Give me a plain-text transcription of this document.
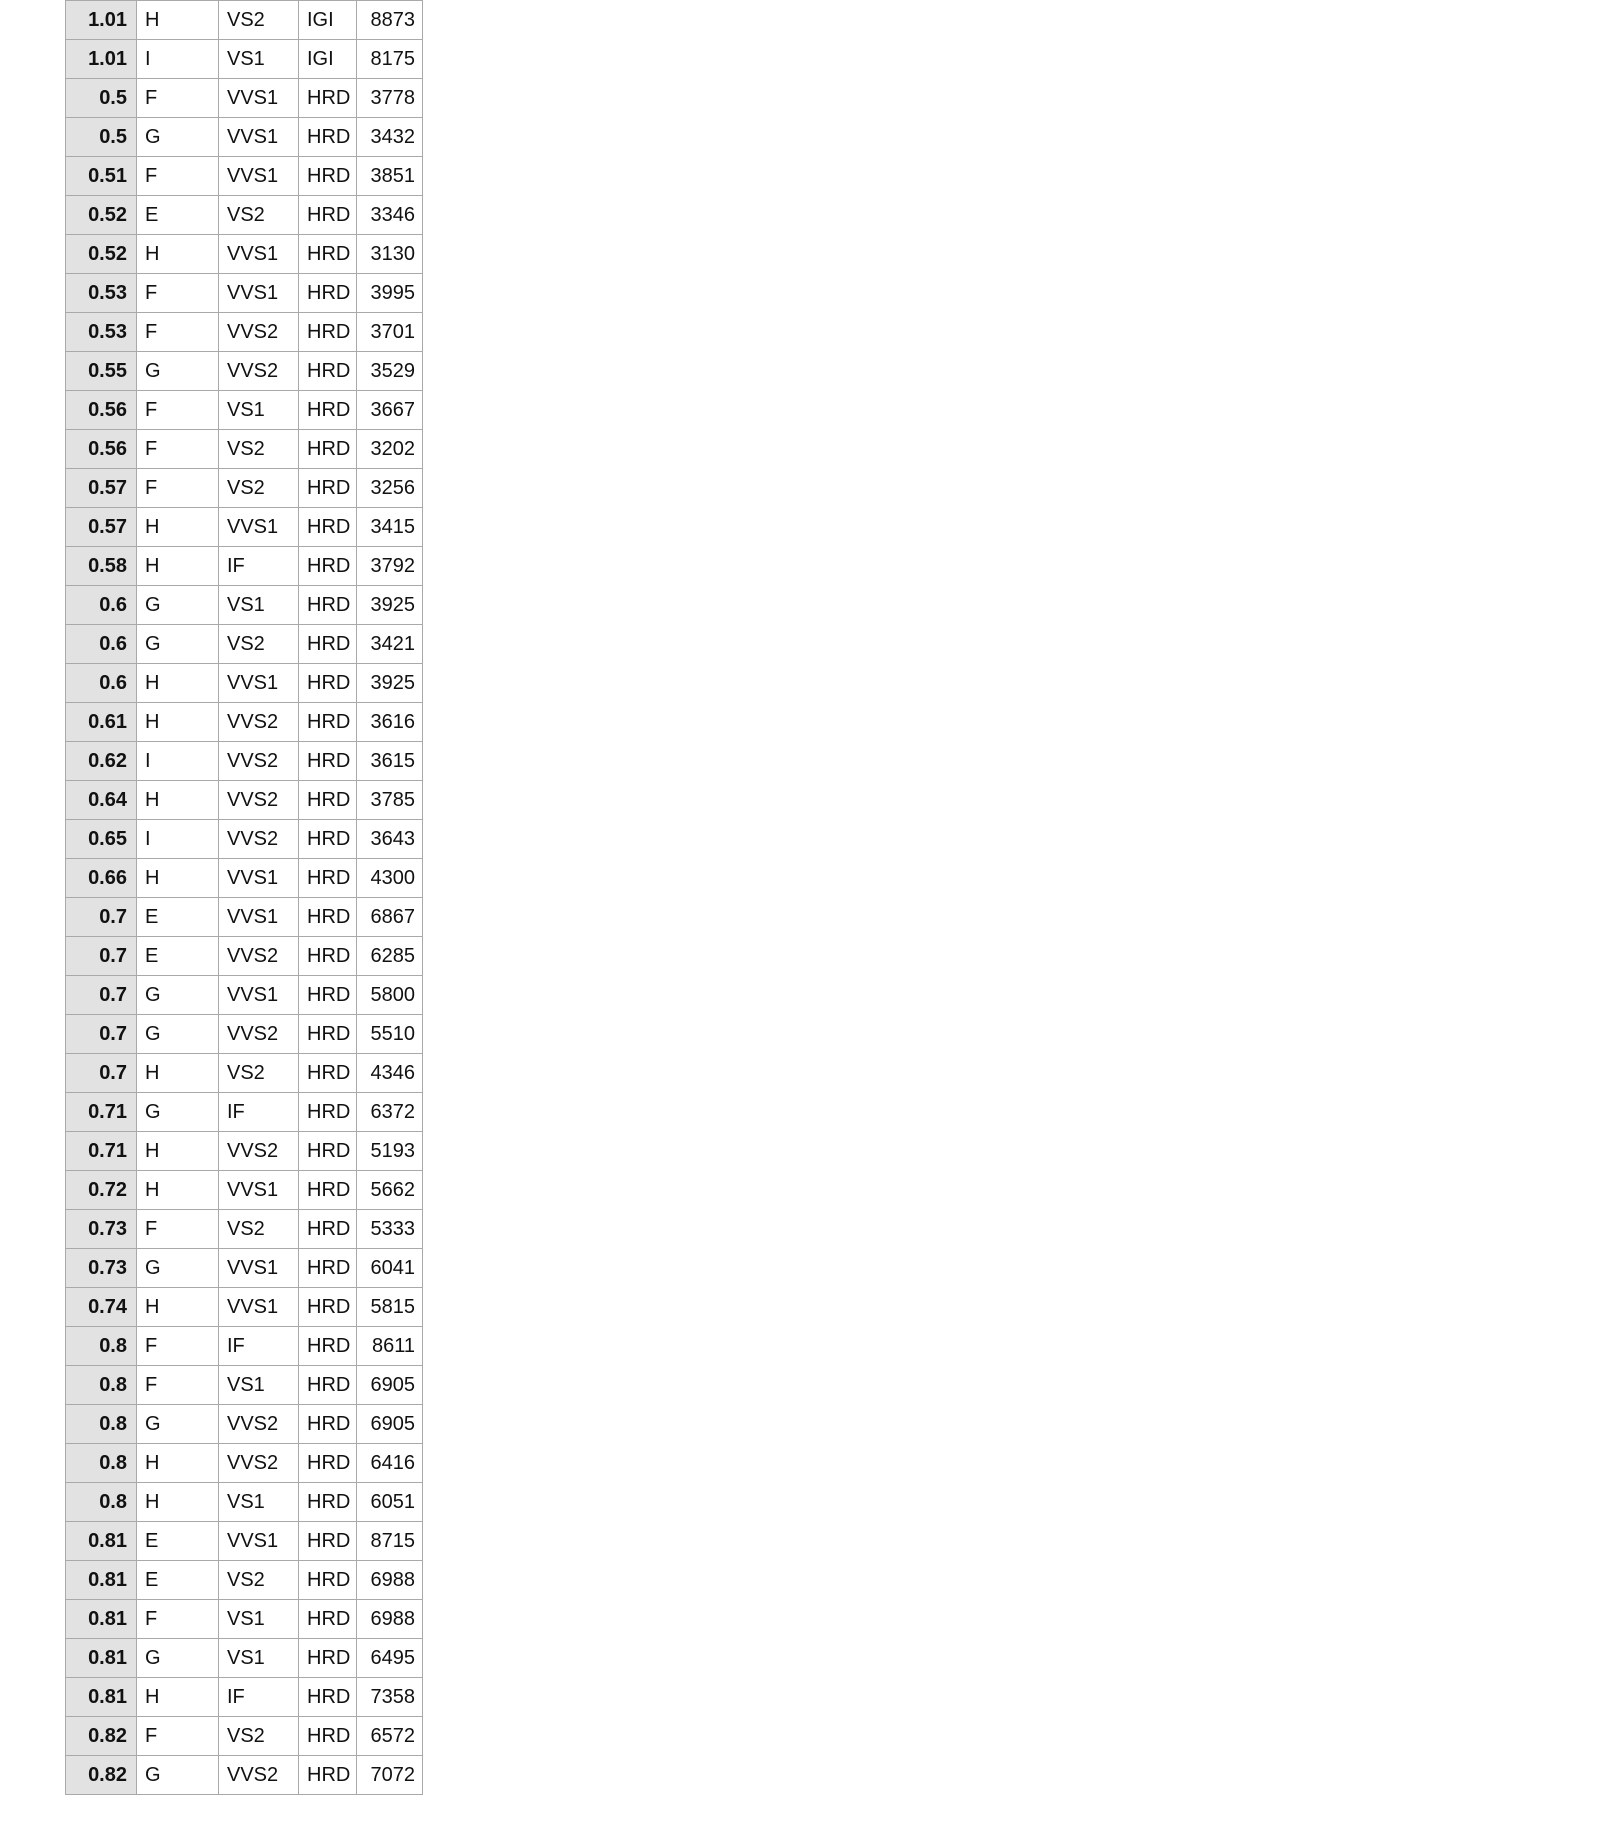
1.01	H	VS2	IGI	8873
1.01	I	VS1	IGI	8175
0.5	F	VVS1	HRD	3778
0.5	G	VVS1	HRD	3432
0.51	F	VVS1	HRD	3851
0.52	E	VS2	HRD	3346
0.52	H	VVS1	HRD	3130
0.53	F	VVS1	HRD	3995
0.53	F	VVS2	HRD	3701
0.55	G	VVS2	HRD	3529
0.56	F	VS1	HRD	3667
0.56	F	VS2	HRD	3202
0.57	F	VS2	HRD	3256
0.57	H	VVS1	HRD	3415
0.58	H	IF	HRD	3792
0.6	G	VS1	HRD	3925
0.6	G	VS2	HRD	3421
0.6	H	VVS1	HRD	3925
0.61	H	VVS2	HRD	3616
0.62	I	VVS2	HRD	3615
0.64	H	VVS2	HRD	3785
0.65	I	VVS2	HRD	3643
0.66	H	VVS1	HRD	4300
0.7	E	VVS1	HRD	6867
0.7	E	VVS2	HRD	6285
0.7	G	VVS1	HRD	5800
0.7	G	VVS2	HRD	5510
0.7	H	VS2	HRD	4346
0.71	G	IF	HRD	6372
0.71	H	VVS2	HRD	5193
0.72	H	VVS1	HRD	5662
0.73	F	VS2	HRD	5333
0.73	G	VVS1	HRD	6041
0.74	H	VVS1	HRD	5815
0.8	F	IF	HRD	8611
0.8	F	VS1	HRD	6905
0.8	G	VVS2	HRD	6905
0.8	H	VVS2	HRD	6416
0.8	H	VS1	HRD	6051
0.81	E	VVS1	HRD	8715
0.81	E	VS2	HRD	6988
0.81	F	VS1	HRD	6988
0.81	G	VS1	HRD	6495
0.81	H	IF	HRD	7358
0.82	F	VS2	HRD	6572
0.82	G	VVS2	HRD	7072
